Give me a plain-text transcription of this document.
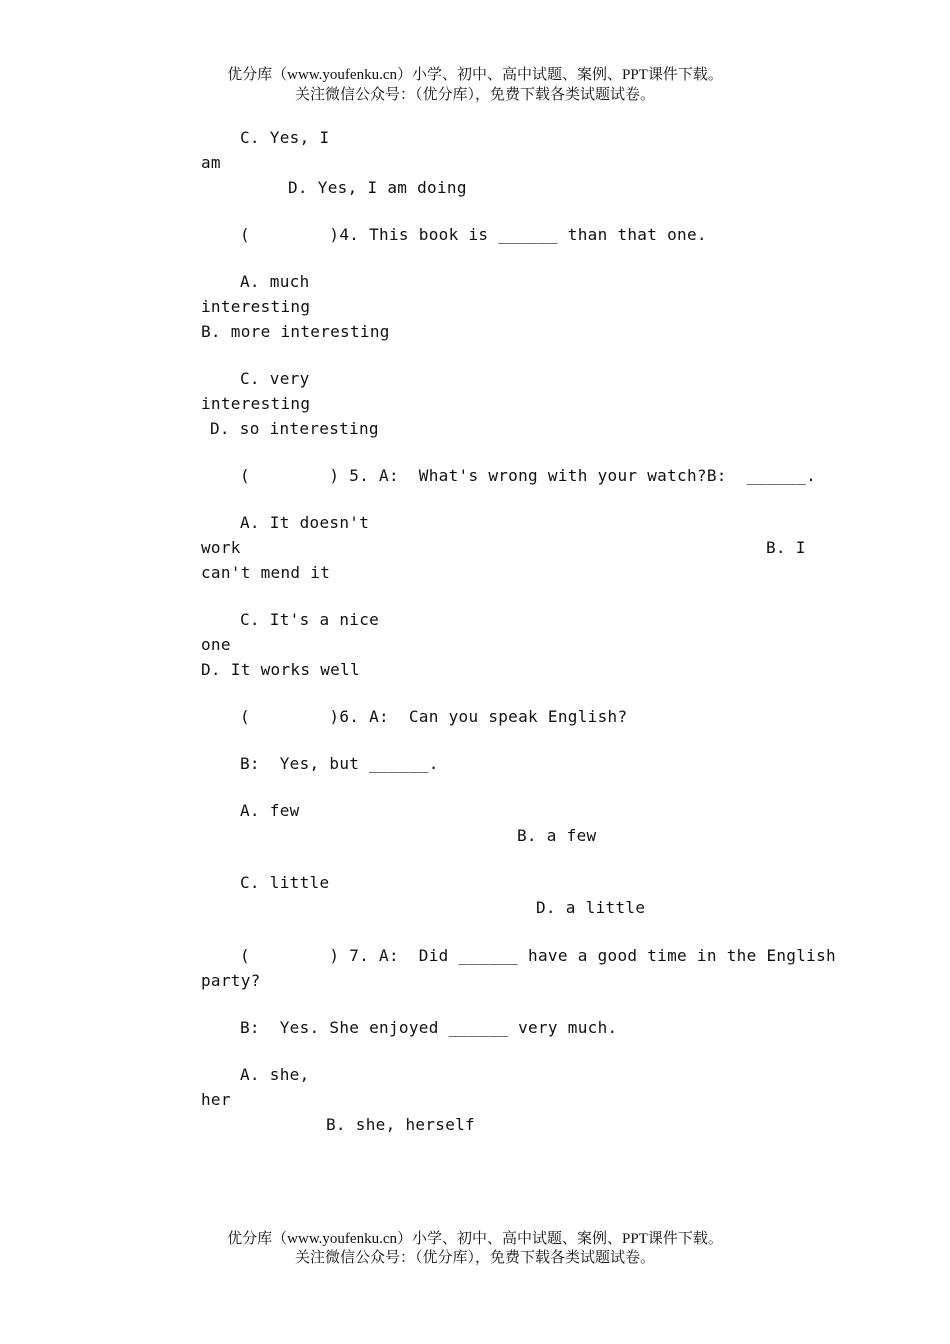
优分库（www.youfenku.cn）小学、初中、高中试题、案例、PPT课件下载。
关注微信公众号：（优分库），免费下载各类试题试卷。
C. Yes, I
am
D. Yes, I am doing
(        )4. This book is ______ than that one.
A. much
interesting
B. more interesting
C. very
interesting
D. so interesting
(        ) 5. A:  What's wrong with your watch?B:  ______.
A. It doesn't
work	B. I
can't mend it
C. It's a nice
one
D. It works well
(        )6. A:  Can you speak English?
B:  Yes, but ______.
A. few
B. a few
C. little
D. a little
(        ) 7. A:  Did ______ have a good time in the English
party?
B:  Yes. She enjoyed ______ very much.
A. she,
her
B. she, herself
优分库（www.youfenku.cn）小学、初中、高中试题、案例、PPT课件下载。
关注微信公众号：（优分库），免费下载各类试题试卷。
